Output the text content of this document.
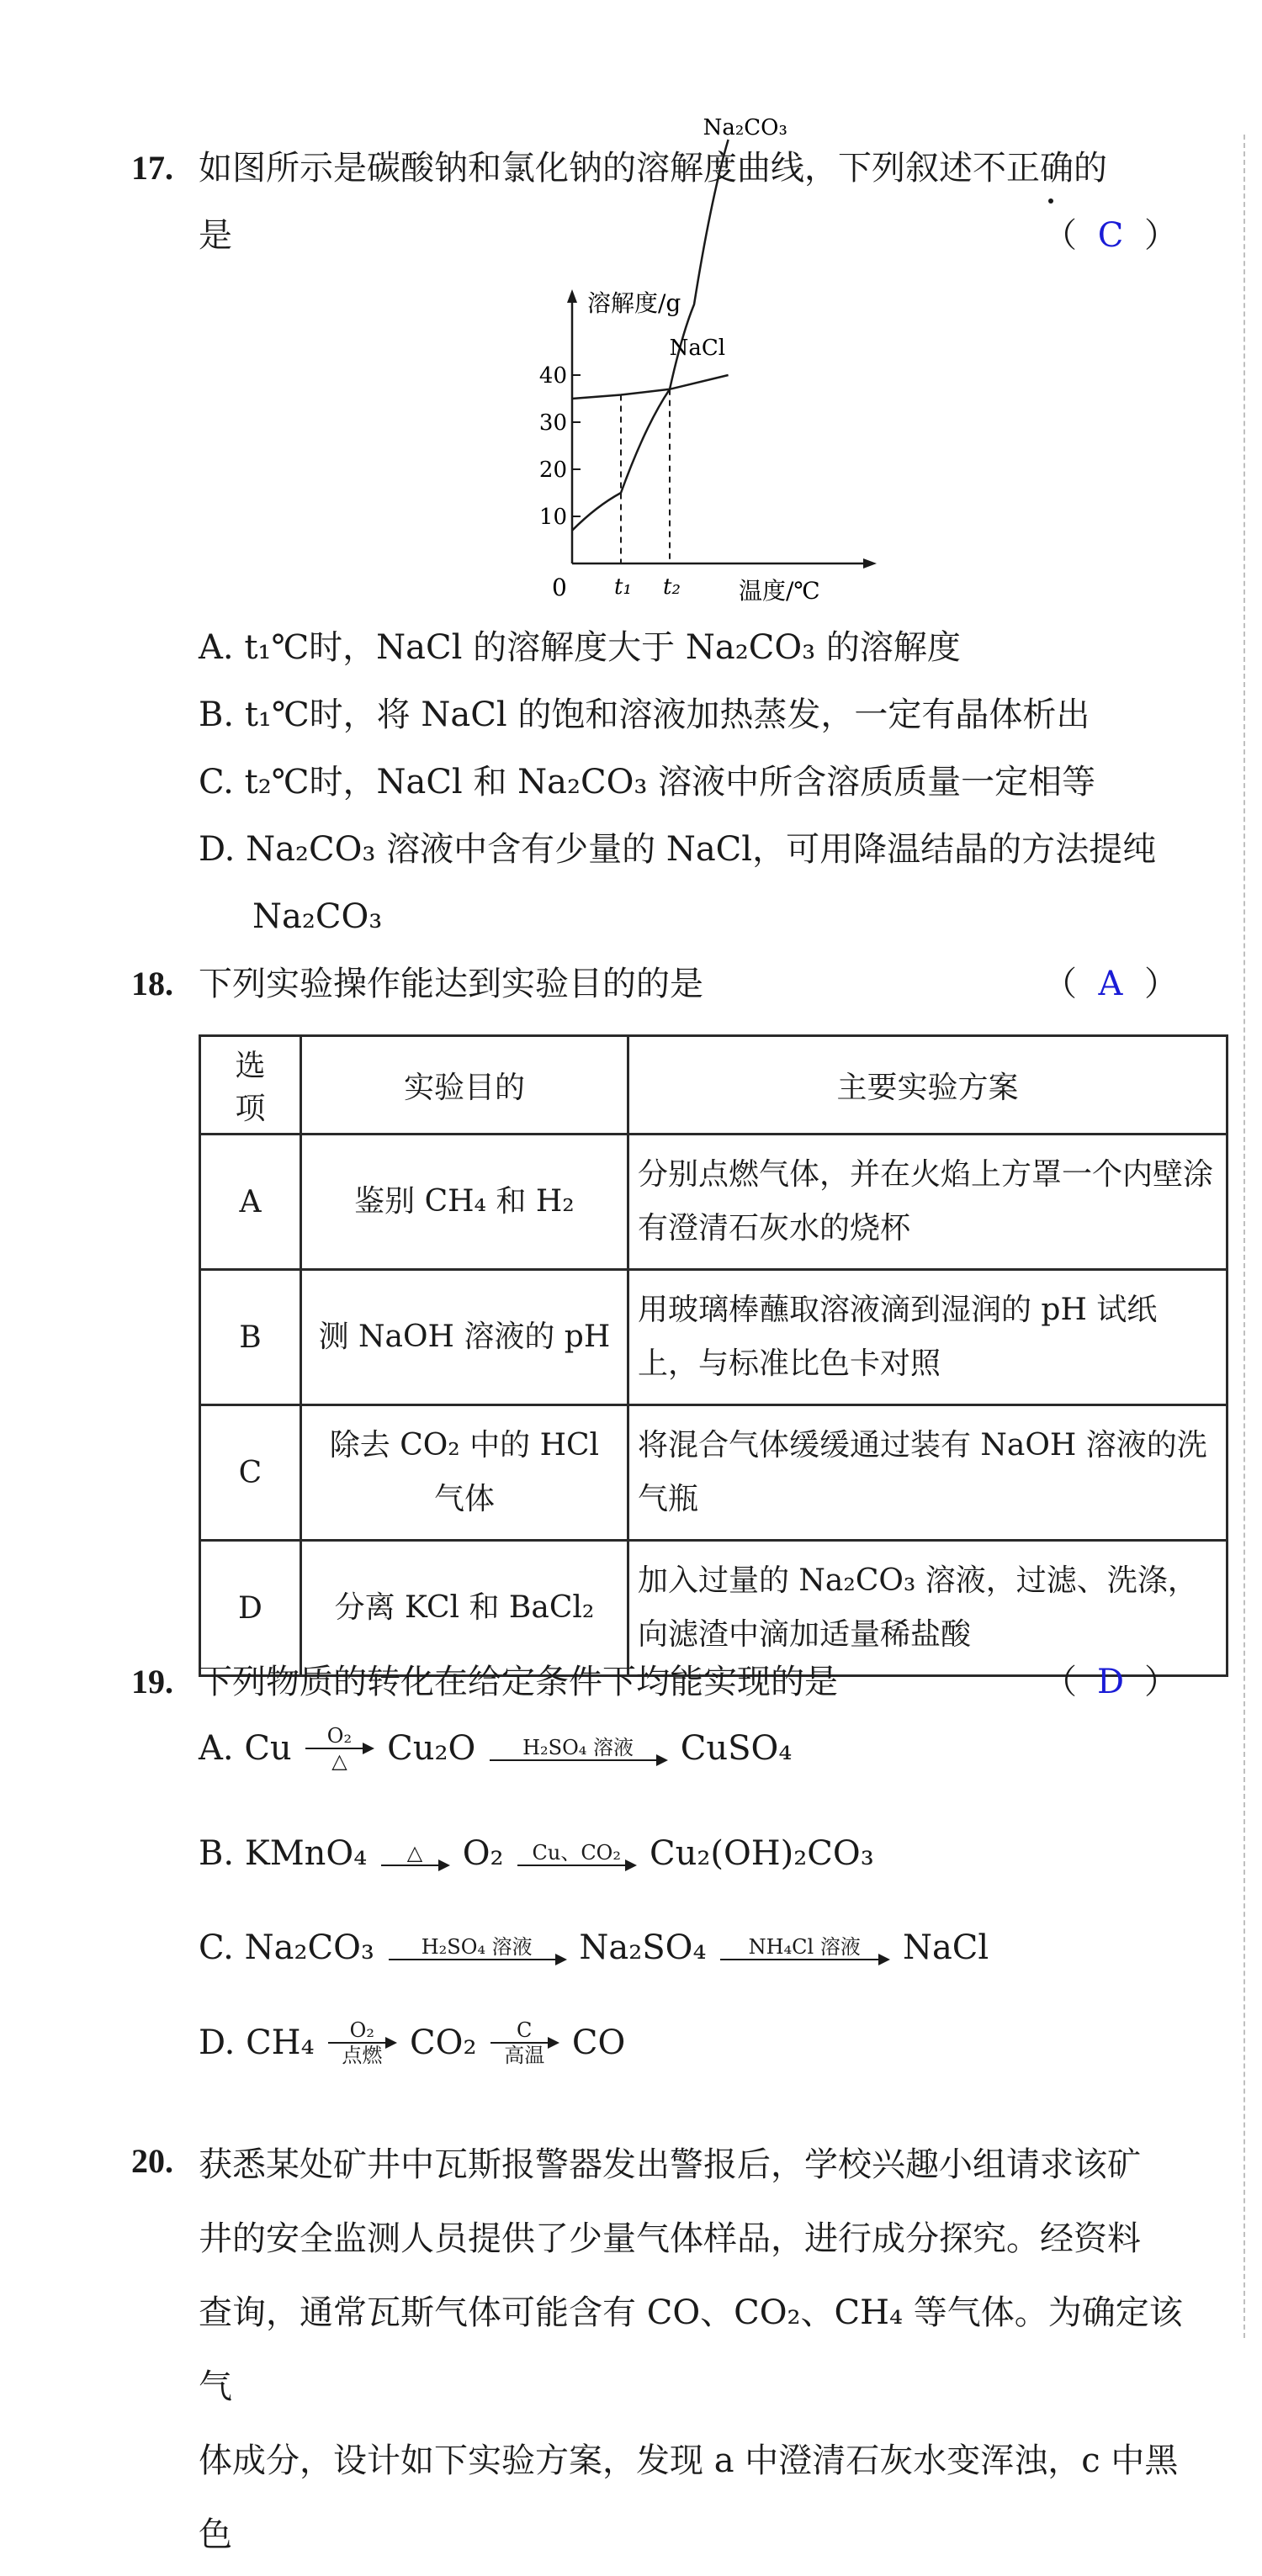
17. 如图所示是碳酸钠和氯化钠的溶解度曲线，下列叙述不正确的
是	（ C ）
溶解度/g
温度/℃
0
10
20
30
40
Na₂CO₃
NaCl
t₁ t₂
A. t₁℃时，NaCl 的溶解度大于 Na₂CO₃ 的溶解度
B. t₁℃时，将 NaCl 的饱和溶液加热蒸发，一定有晶体析出
C. t₂℃时，NaCl 和 Na₂CO₃ 溶液中所含溶质质量一定相等
D. Na₂CO₃ 溶液中含有少量的 NaCl，可用降温结晶的方法提纯
Na₂CO₃
18. 下列实验操作能达到实验目的的是	（ A ）
选　项	实验目的	主要实验方案
A	鉴别 CH₄ 和 H₂	分别点燃气体，并在火焰上方罩一个内壁涂有澄清石灰水的烧杯
B	测 NaOH 溶液的 pH	用玻璃棒蘸取溶液滴到湿润的 pH 试纸上，与标准比色卡对照
C	除去 CO₂ 中的 HCl 气体	将混合气体缓缓通过装有 NaOH 溶液的洗气瓶
D	分离 KCl 和 BaCl₂	加入过量的 Na₂CO₃ 溶液，过滤、洗涤，向滤渣中滴加适量稀盐酸
19. 下列物质的转化在给定条件下均能实现的是	（ D ）
A. Cu	O₂
△	Cu₂O	H₂SO₄ 溶液	CuSO₄
B. KMnO₄	△	O₂	Cu、CO₂ Cu₂(OH)₂CO₃
C. Na₂CO₃	H₂SO₄ 溶液	Na₂SO₄	NH₄Cl 溶液	NaCl
D. CH₄	O₂
点燃 CO₂	C
高温 CO
20. 获悉某处矿井中瓦斯报警器发出警报后，学校兴趣小组请求该矿
井的安全监测人员提供了少量气体样品，进行成分探究。经资料
查询，通常瓦斯气体可能含有 CO、CO₂、CH₄ 等气体。为确定该气
体成分，设计如下实验方案，发现 a 中澄清石灰水变浑浊，c 中黑色
